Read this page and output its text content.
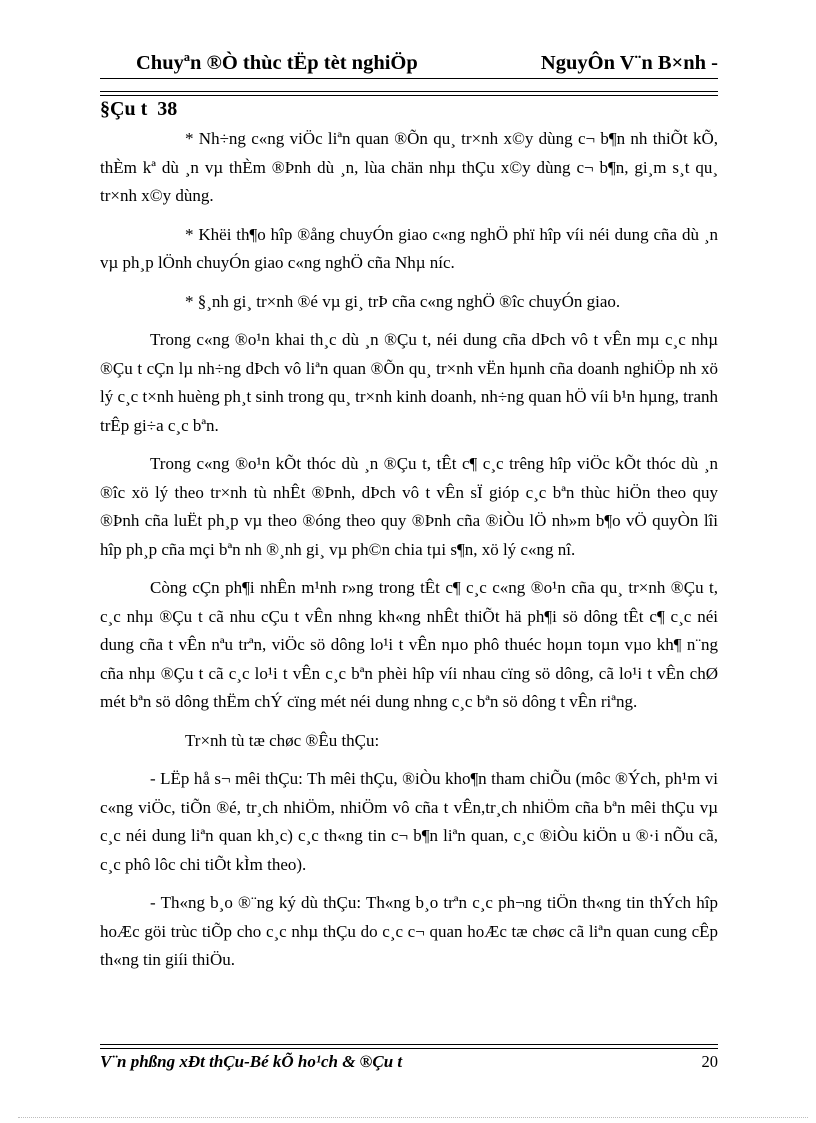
Chuyªn ®Ò thùc tËp tèt nghiÖp	NguyÔn V¨n B×nh -
§Çu t  38

* Nh÷ng c«ng viÖc liªn quan ®Õn qu¸ tr×nh x©y dùng c¬ b¶n nh thiÕt kÕ, thÈm kª dù ¸n vµ thÈm ®Þnh dù ¸n, lùa chän nhµ thÇu x©y dùng c¬ b¶n, gi¸m s¸t qu¸ tr×nh x©y dùng.

* Khëi th¶o hîp ®ång chuyÓn giao c«ng nghÖ phï hîp víi néi dung cña dù ¸n vµ ph¸p lÖnh chuyÓn giao c«ng nghÖ cña Nhµ níc.

* §¸nh gi¸ tr×nh ®é vµ gi¸ trÞ cña c«ng nghÖ ®îc chuyÓn giao.

Trong c«ng ®o¹n khai th¸c dù ¸n ®Çu t, néi dung cña dÞch vô t vÊn mµ c¸c nhµ ®Çu t cÇn lµ nh÷ng dÞch vô liªn quan ®Õn qu¸ tr×nh vËn hµnh cña doanh nghiÖp nh xö lý c¸c t×nh huèng ph¸t sinh trong qu¸ tr×nh kinh doanh, nh÷ng quan hÖ víi b¹n hµng, tranh trÊp gi÷a c¸c bªn.

Trong c«ng ®o¹n kÕt thóc dù ¸n ®Çu t, tÊt c¶ c¸c trêng hîp viÖc kÕt thóc dù ¸n ®îc xö lý theo tr×nh tù nhÊt ®Þnh, dÞch vô t vÊn sÏ gióp c¸c bªn thùc hiÖn theo quy ®Þnh cña luËt ph¸p vµ theo ®óng theo quy ®Þnh cña ®iÒu lÖ nh»m b¶o vÖ quyÒn lîi hîp ph¸p cña mçi bªn nh ®¸nh gi¸ vµ ph©n chia tµi s¶n, xö lý c«ng nî.

Còng cÇn ph¶i nhÊn m¹nh r»ng trong tÊt c¶ c¸c c«ng ®o¹n cña qu¸ tr×nh ®Çu t, c¸c nhµ ®Çu t cã nhu cÇu t vÊn nhng kh«ng nhÊt thiÕt hä ph¶i sö dông tÊt c¶ c¸c néi dung cña t vÊn nªu trªn, viÖc sö dông lo¹i t vÊn nµo phô thuéc hoµn toµn vµo kh¶ n¨ng cña nhµ ®Çu t cã c¸c lo¹i t vÊn c¸c bªn phèi hîp víi nhau cïng sö dông, cã lo¹i t vÊn chØ mét bªn sö dông thËm chÝ cïng mét néi dung nhng c¸c bªn sö dông t vÊn riªng.

Tr×nh tù tæ chøc ®Êu thÇu:

- LËp hå s¬ mêi thÇu: Th mêi thÇu, ®iÒu kho¶n tham chiÕu (môc ®Ých, ph¹m vi c«ng viÖc, tiÕn ®é, tr¸ch nhiÖm, nhiÖm vô cña t vÊn,tr¸ch nhiÖm cña bªn mêi thÇu vµ c¸c néi dung liªn quan kh¸c) c¸c th«ng tin c¬ b¶n liªn quan, c¸c ®iÒu kiÖn u ®·i nÕu cã, c¸c phô lôc chi tiÕt kÌm theo).

- Th«ng b¸o ®¨ng ký dù thÇu: Th«ng b¸o trªn c¸c ph¬ng tiÖn th«ng tin thÝch hîp hoÆc göi trùc tiÕp cho c¸c nhµ thÇu do c¸c c¬ quan hoÆc tæ chøc cã liªn quan cung cÊp th«ng tin giíi thiÖu.

V¨n phßng xÐt thÇu-Bé kÕ ho¹ch & ®Çu t	20
